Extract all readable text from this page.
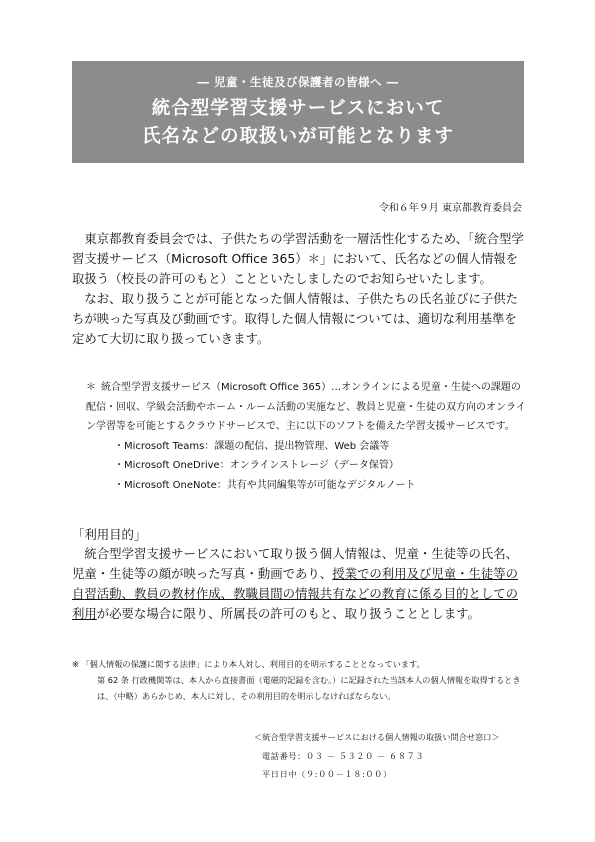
― 児童・生徒及び保護者の皆様へ ―
統合型学習支援サービスにおいて
氏名などの取扱いが可能となります
令和６年９月 東京都教育委員会

東京都教育委員会では、子供たちの学習活動を一層活性化するため、「統合型学習支援サービス（Microsoft Office 365）＊」において、氏名などの個人情報を取扱う（校長の許可のもと）ことといたしましたのでお知らせいたします。

なお、取り扱うことが可能となった個人情報は、子供たちの氏名並びに子供たちが映った写真及び動画です。取得した個人情報については、適切な利用基準を定めて大切に取り扱っていきます。

＊ 統合型学習支援サービス（Microsoft Office 365）…オンラインによる児童・生徒への課題の配信・回収、学級会活動やホーム・ルーム活動の実施など、教員と児童・生徒の双方向のオンライン学習等を可能とするクラウドサービスで、主に以下のソフトを備えた学習支援サービスです。
・Microsoft Teams：課題の配信、提出物管理、Web 会議等
・Microsoft OneDrive：オンラインストレージ（データ保管）
・Microsoft OneNote：共有や共同編集等が可能なデジタルノート
「利用目的」

統合型学習支援サービスにおいて取り扱う個人情報は、児童・生徒等の氏名、児童・生徒等の顔が映った写真・動画であり、授業での利用及び児童・生徒等の自習活動、教員の教材作成、教職員間の情報共有などの教育に係る目的としての利用が必要な場合に限り、所属長の許可のもと、取り扱うこととします。

※ 「個人情報の保護に関する法律」により本人対し、利用目的を明示することとなっています。

第 62 条 行政機関等は、本人から直接書面（電磁的記録を含む。）に記録された当該本人の個人情報を取得するときは、（中略）あらかじめ、本人に対し、その利用目的を明示しなければならない。

＜統合型学習支援サービスにおける個人情報の取扱い問合せ窓口＞

電話番号：０３ － ５３２０ － ６８７３

平日日中（９:００－１８:００）
